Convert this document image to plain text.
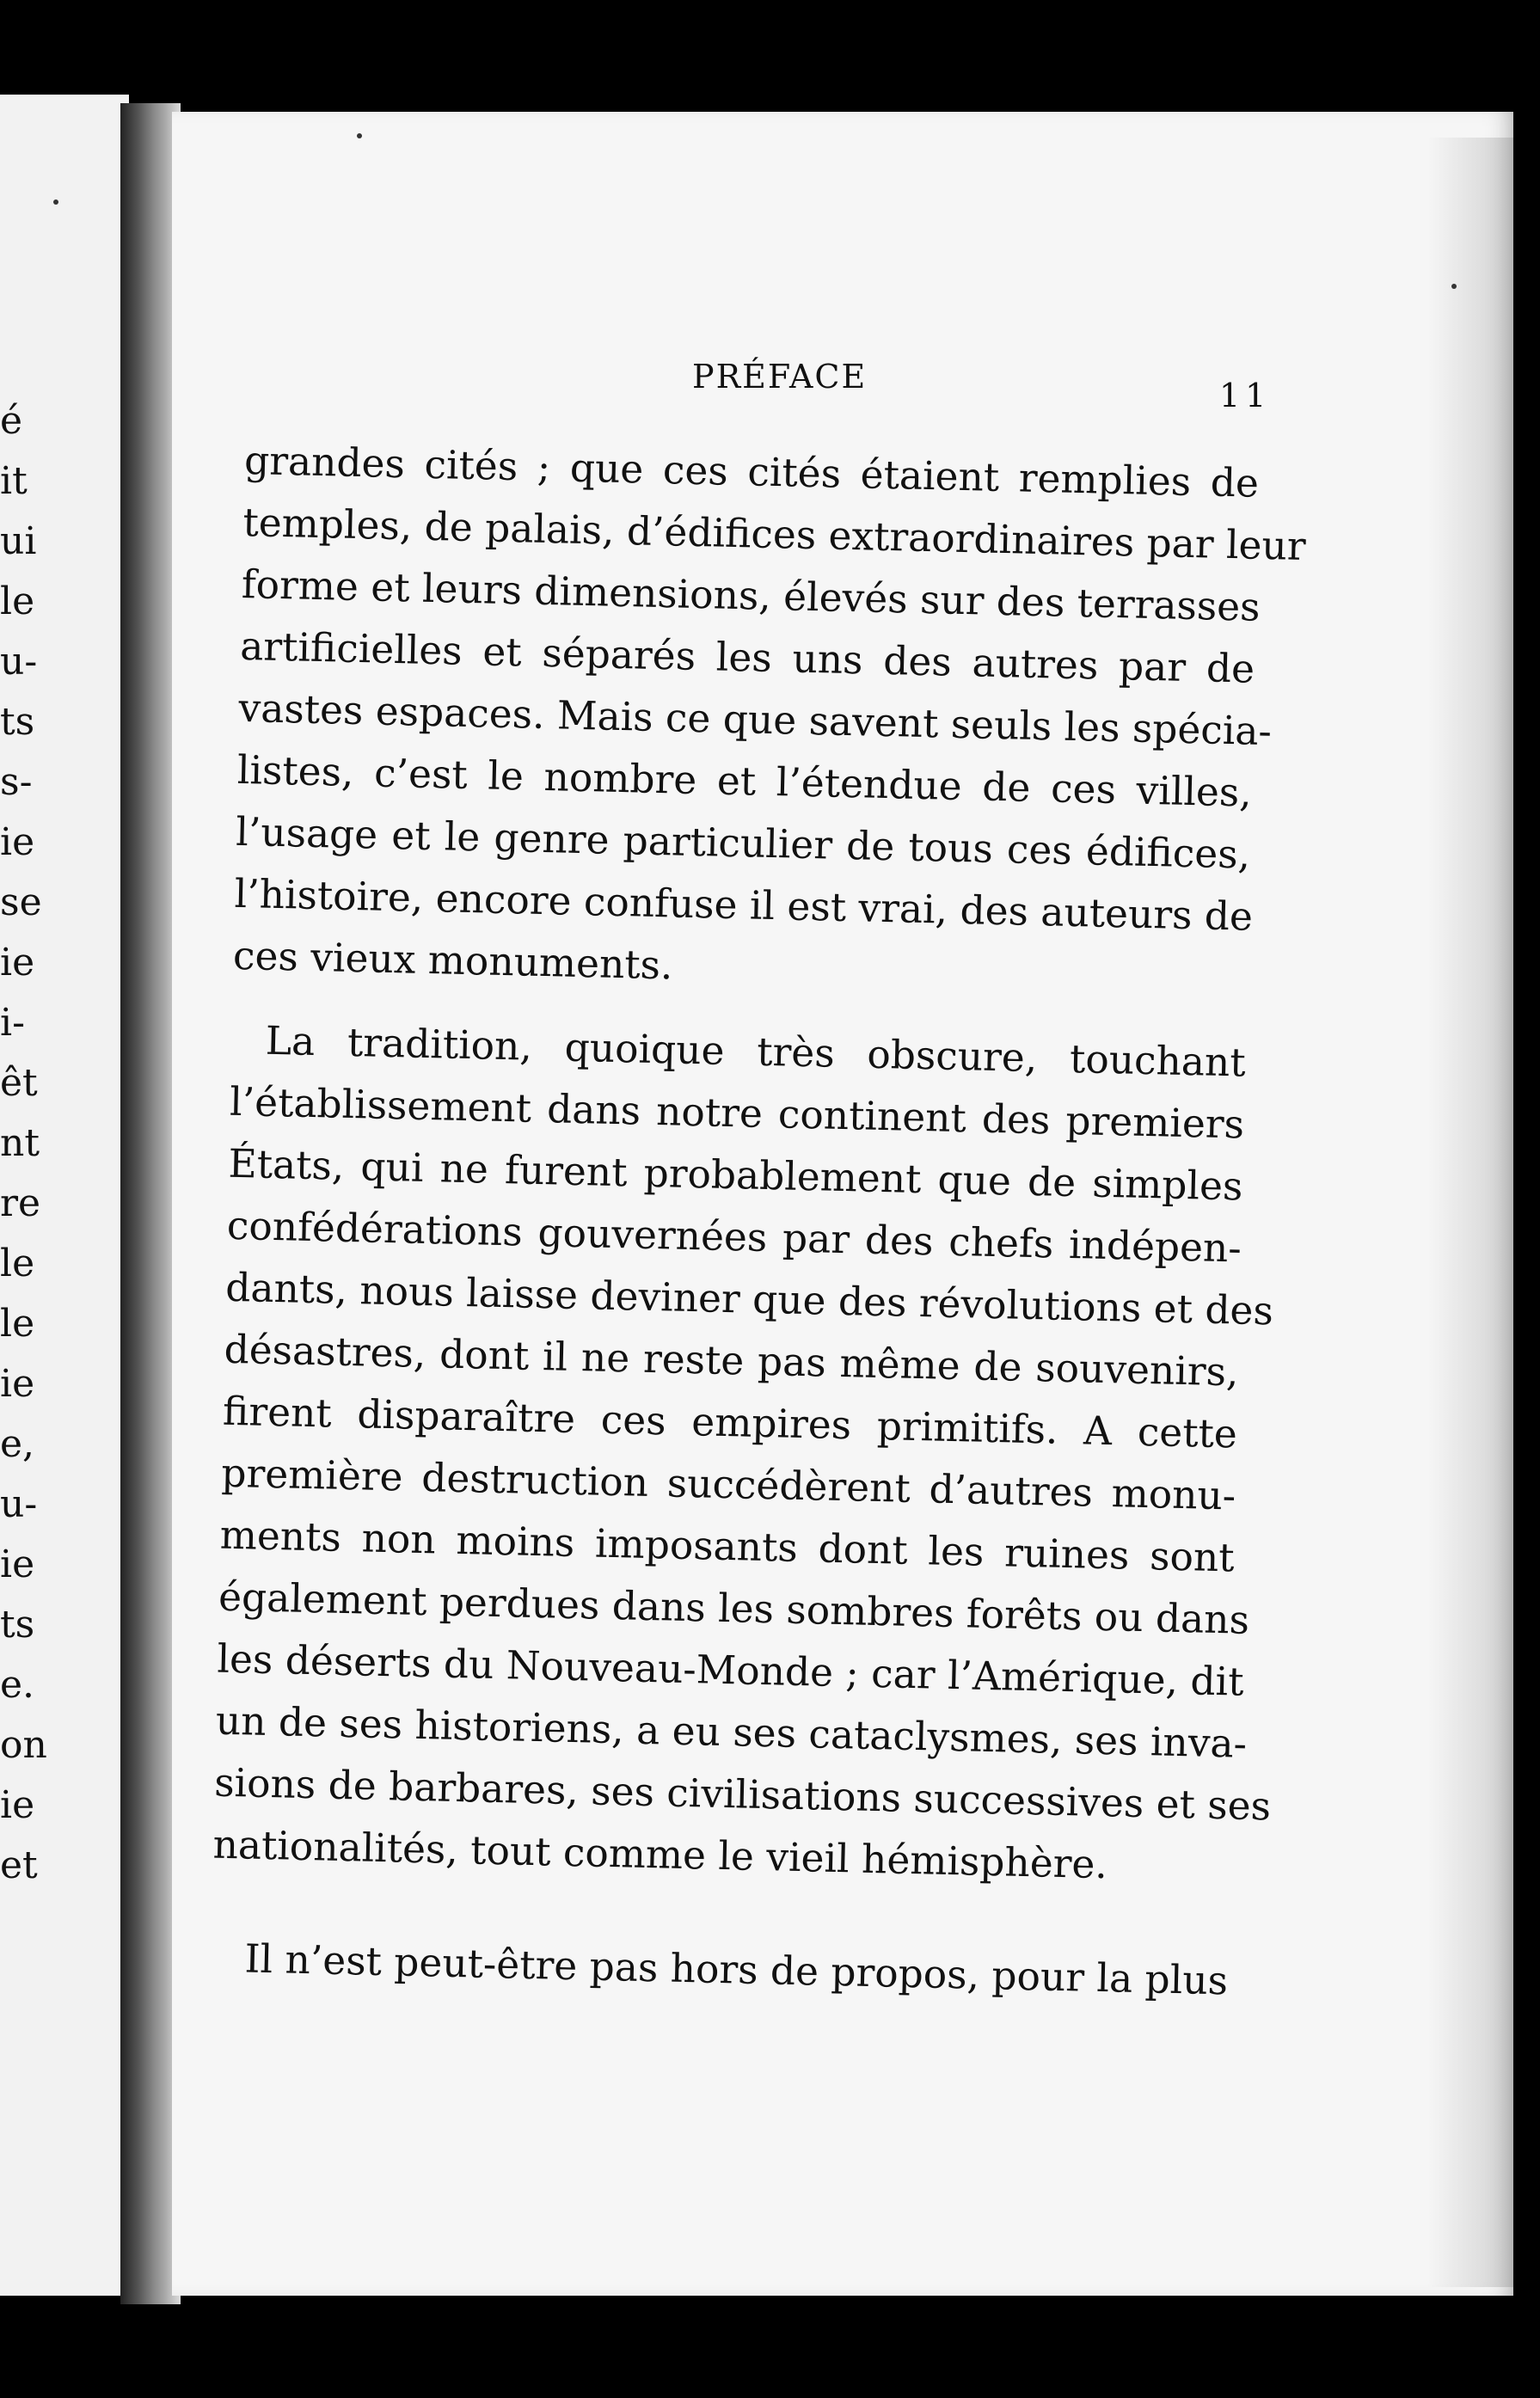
é
it
ui
le
u-
ts
s-
ie
se
ie
i-
êt
nt
re
le
le
ie
e,
u-
ie
ts
e.
on
ie
et
PRÉFACE	11
grandes cités ; que ces cités étaient remplies de
temples, de palais, d’édifices extraordinaires par leur
forme et leurs dimensions, élevés sur des terrasses
artificielles et séparés les uns des autres par de
vastes espaces. Mais ce que savent seuls les spécia-
listes, c’est le nombre et l’étendue de ces villes,
l’usage et le genre particulier de tous ces édifices,
l’histoire, encore confuse il est vrai, des auteurs de
ces vieux monuments.
La tradition, quoique très obscure, touchant
l’établissement dans notre continent des premiers
États, qui ne furent probablement que de simples
confédérations gouvernées par des chefs indépen-
dants, nous laisse deviner que des révolutions et des
désastres, dont il ne reste pas même de souvenirs,
firent disparaître ces empires primitifs. A cette
première destruction succédèrent d’autres monu-
ments non moins imposants dont les ruines sont
également perdues dans les sombres forêts ou dans
les déserts du Nouveau-Monde ; car l’Amérique, dit
un de ses historiens, a eu ses cataclysmes, ses inva-
sions de barbares, ses civilisations successives et ses
nationalités, tout comme le vieil hémisphère.
Il n’est peut-être pas hors de propos, pour la plus
